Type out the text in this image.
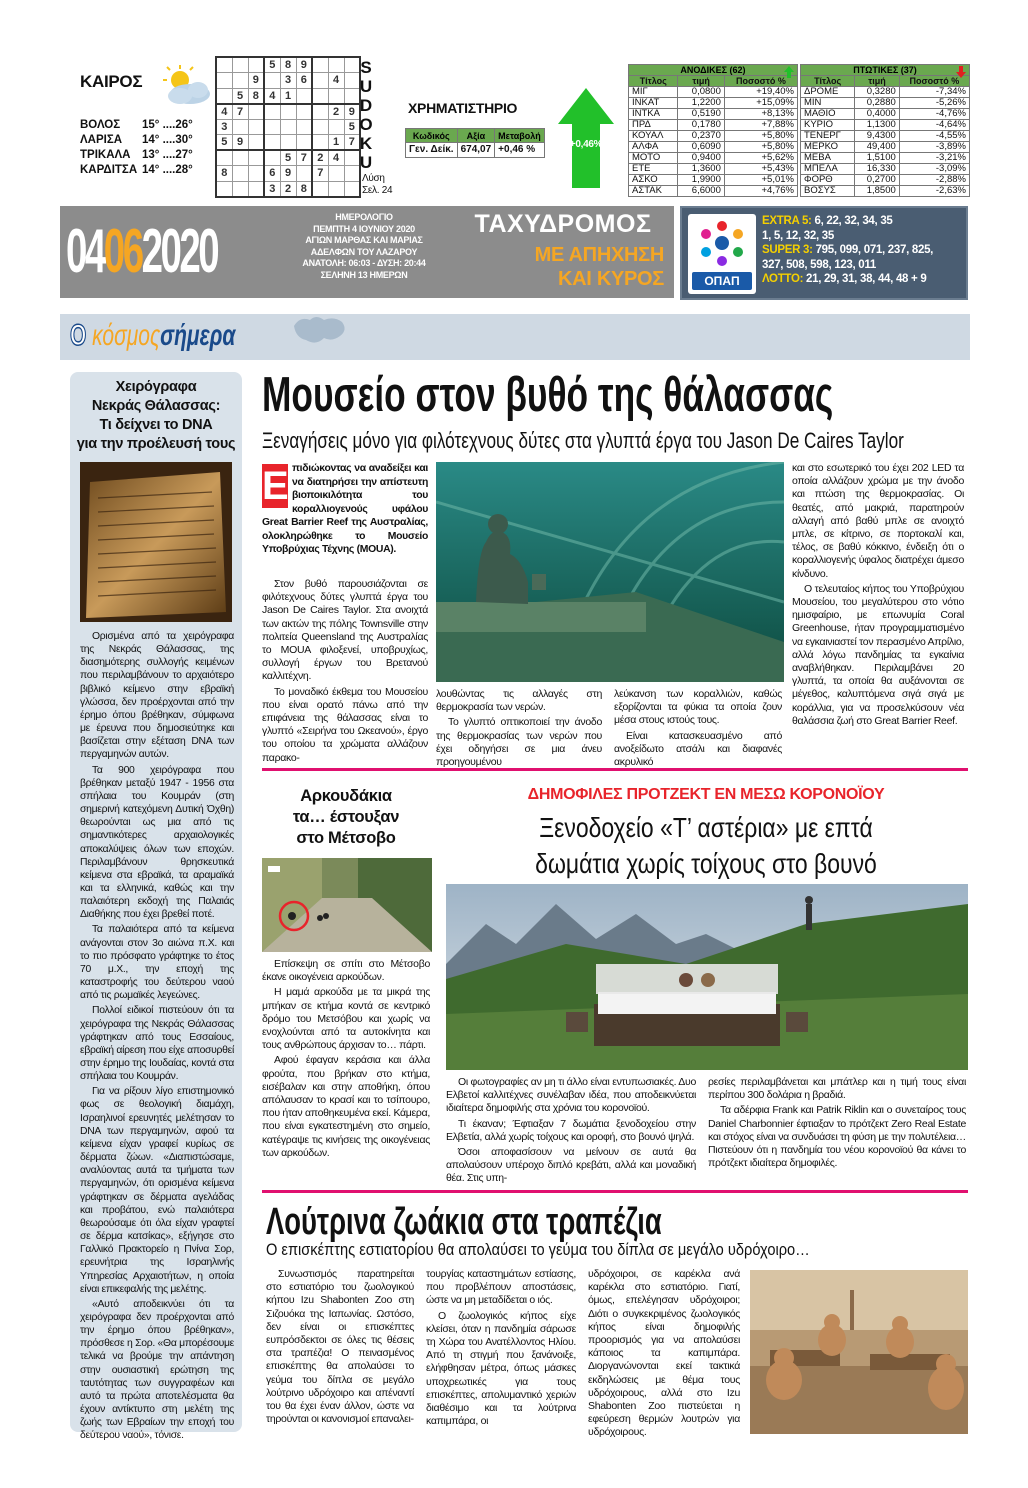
ΚΑΙΡΟΣ
ΒΟΛΟΣ	15° ....26°
ΛΑΡΙΣΑ	14° ....30°
ΤΡΙΚΑΛΑ	13° ....27°
ΚΑΡΔΙΤΣΑ 14° ....28°
			5	8	9			
		9		3	6		4	
	5	8	4	1				
4	7						2	9
3								5
5	9						1	7
				5	7	2	4	
8			6	9		7		
			3	2	8			
S
U
D
O
K
U
Λύση
Σελ. 24
ΧΡΗΜΑΤΙΣΤΗΡΙΟ
Κωδικός	Αξία	Μεταβολή
Γεν. Δείκ.	674,07	+0,46 %	+0,46%
ΑΝΟΔΙΚΕΣ (62)		
Τίτλος	τιμή	Ποσοστό %
ΜΙΓ	0,0800	+19,40%
ΙΝΚΑΤ	1,2200	+15,09%
ΙΝΤΚΑ	0,5190	+8,13%
ΠΡΔ	0,1780	+7,88%
ΚΟΥΑΛ	0,2370	+5,80%
ΑΛΦΑ	0,6090	+5,80%
ΜΟΤΟ	0,9400	+5,62%
ΕΤΕ	1,3600	+5,43%
ΑΣΚΟ	1,9900	+5,01%
ΑΣΤΑΚ	6,6000	+4,76%
ΠΤΩΤΙΚΕΣ (37)		
Τίτλος	τιμή	Ποσοστό %
ΔΡΟΜΕ	0,3280	-7,34%
ΜΙΝ	0,2880	-5,26%
ΜΑΘΙΟ	0,4000	-4,76%
ΚΥΡΙΟ	1,1300	-4,64%
ΤΕΝΕΡΓ	9,4300	-4,55%
ΜΕΡΚΟ	49,400	-3,89%
ΜΕΒΑ	1,5100	-3,21%
ΜΠΕΛΑ	16,330	-3,09%
ΦΟΡΘ	0,2700	-2,88%
ΒΟΣΥΣ	1,8500	-2,63%
04062020	ΗΜΕΡΟΛΟΓΙΟ
ΠΕΜΠΤΗ 4 ΙΟΥΝΙΟΥ 2020
ΑΓΙΩΝ ΜΑΡΘΑΣ ΚΑΙ ΜΑΡΙΑΣ
ΑΔΕΛΦΩΝ ΤΟΥ ΛΑΖΑΡΟΥ
ΑΝΑΤΟΛΗ: 06:03 - ΔΥΣΗ: 20:44
ΣΕΛΗΝΗ 13 ΗΜΕΡΩΝ
ΤΑΧΥΔΡΟΜΟΣ
ΜΕ ΑΠΗΧΗΣΗ
ΚΑΙ ΚΥΡΟΣ	ΟΠΑΠ
EXTRA 5: 6, 22, 32, 34, 35
1, 5, 12, 32, 35
SUPER 3: 795, 099, 071, 237, 825,
327, 508, 598, 123, 011
ΛΟΤΤΟ: 21, 29, 31, 38, 44, 48 + 9
Ο κόσμοςσήμερα
Χειρόγραφα
Νεκράς Θάλασσας:
Τι δείχνει το DNA
για την προέλευσή τους

Ορισμένα από τα χειρόγραφα της Νεκράς Θάλασσας, της διασημότερης συλλογής κειμένων που περιλαμβάνουν το αρχαιότερο βιβλικό κείμενο στην εβραϊκή γλώσσα, δεν προέρχονται από την έρημο όπου βρέθηκαν, σύμφωνα με έρευνα που δημοσιεύτηκε και βασίζεται στην εξέταση DNA των περγαμηνών αυτών.

Τα 900 χειρόγραφα που βρέθηκαν μεταξύ 1947 - 1956 στα σπήλαια του Κουμράν (στη σημερινή κατεχόμενη Δυτική Όχθη) θεωρούνται ως μια από τις σημαντικότερες αρχαιολογικές αποκαλύψεις όλων των εποχών. Περιλαμβάνουν θρησκευτικά κείμενα στα εβραϊκά, τα αραμαϊκά και τα ελληνικά, καθώς και την παλαιότερη εκδοχή της Παλαιάς Διαθήκης που έχει βρεθεί ποτέ.

Τα παλαιότερα από τα κείμενα ανάγονται στον 3ο αιώνα π.Χ. και το πιο πρόσφατο γράφτηκε το έτος 70 μ.Χ., την εποχή της καταστροφής του δεύτερου ναού από τις ρωμαϊκές λεγεώνες.

Πολλοί ειδικοί πιστεύουν ότι τα χειρόγραφα της Νεκράς Θάλασσας γράφτηκαν από τους Εσσαίους, εβραϊκή αίρεση που είχε αποσυρθεί στην έρημο της Ιουδαίας, κοντά στα σπήλαια του Κουμράν.

Για να ρίξουν λίγο επιστημονικό φως σε θεολογική διαμάχη, Ισραηλινοί ερευνητές μελέτησαν το DNA των περγαμηνών, αφού τα κείμενα είχαν γραφεί κυρίως σε δέρματα ζώων. «Διαπιστώσαμε, αναλύοντας αυτά τα τμήματα των περγαμηνών, ότι ορισμένα κείμενα γράφτηκαν σε δέρματα αγελάδας και προβάτου, ενώ παλαιότερα θεωρούσαμε ότι όλα είχαν γραφτεί σε δέρμα κατσίκας», εξήγησε στο Γαλλικό Πρακτορείο η Πνίνα Σορ, ερευνήτρια της Ισραηλινής Υπηρεσίας Αρχαιοτήτων, η οποία είναι επικεφαλής της μελέτης.

«Αυτό αποδεικνύει ότι τα χειρόγραφα δεν προέρχονται από την έρημο όπου βρέθηκαν», πρόσθεσε η Σορ. «Θα μπορέσουμε τελικά να βρούμε την απάντηση στην ουσιαστική ερώτηση της ταυτότητας των συγγραφέων και αυτό τα πρώτα αποτελέσματα θα έχουν αντίκτυπο στη μελέτη της ζωής των Εβραίων την εποχή του δεύτερου ναού», τόνισε.

Μουσείο στον βυθό της θάλασσας
Ξεναγήσεις μόνο για φιλότεχνους δύτες στα γλυπτά έργα του Jason De Caires Taylor
Ε πιδιώκοντας να αναδείξει και να διατηρήσει την απίστευτη βιοποικιλότητα του κοραλλιογενούς υφάλου Great Barrier Reef της Αυστραλίας, ολοκληρώθηκε το Μουσείο Υποβρύχιας Τέχνης (MOUA).

Στον βυθό παρουσιάζονται σε φιλότεχνους δύτες γλυπτά έργα του Jason De Caires Taylor. Στα ανοιχτά των ακτών της πόλης Townsville στην πολιτεία Queensland της Αυστραλίας το MOUA φιλοξενεί, υποβρυχίως, συλλογή έργων του Βρετανού καλλιτέχνη.

Το μοναδικό έκθεμα του Μουσείου που είναι ορατό πάνω από την επιφάνεια της θάλασσας είναι το γλυπτό «Σειρήνα του Ωκεανού», έργο του οποίου τα χρώματα αλλάζουν παρακο-

λουθώντας τις αλλαγές στη θερμοκρασία των νερών.

Το γλυπτό οπτικοποιεί την άνοδο της θερμοκρασίας των νερών που έχει οδηγήσει σε μια άνευ προηγουμένου

λεύκανση των κοραλλιών, καθώς εξορίζονται τα φύκια τα οποία ζουν μέσα στους ιστούς τους.

Είναι κατασκευασμένο από ανοξείδωτο ατσάλι και διαφανές ακρυλικό

και στο εσωτερικό του έχει 202 LED τα οποία αλλάζουν χρώμα με την άνοδο και πτώση της θερμοκρασίας. Οι θεατές, από μακριά, παρατηρούν αλλαγή από βαθύ μπλε σε ανοιχτό μπλε, σε κίτρινο, σε πορτοκαλί και, τέλος, σε βαθύ κόκκινο, ένδειξη ότι ο κοραλλιογενής ύφαλος διατρέχει άμεσο κίνδυνο.

Ο τελευταίος κήπος του Υποβρύχιου Μουσείου, του μεγαλύτερου στο νότιο ημισφαίριο, με επωνυμία Coral Greenhouse, ήταν προγραμματισμένο να εγκαινιαστεί τον περασμένο Απρίλιο, αλλά λόγω πανδημίας τα εγκαίνια αναβλήθηκαν. Περιλαμβάνει 20 γλυπτά, τα οποία θα αυξάνονται σε μέγεθος, καλυπτόμενα σιγά σιγά με κοράλλια, για να προσελκύσουν νέα θαλάσσια ζωή στο Great Barrier Reef.

Αρκουδάκια
τα… έστουξαν
στο Μέτσοβο

Επίσκεψη σε σπίτι στο Μέτσοβο έκανε οικογένεια αρκούδων.

Η μαμά αρκούδα με τα μικρά της μπήκαν σε κτήμα κοντά σε κεντρικό δρόμο του Μετσόβου και χωρίς να ενοχλούνται από τα αυτοκίνητα και τους ανθρώπους άρχισαν το… πάρτι.

Αφού έφαγαν κεράσια και άλλα φρούτα, που βρήκαν στο κτήμα, εισέβαλαν και στην αποθήκη, όπου απόλαυσαν το κρασί και το τσίπουρο, που ήταν αποθηκευμένα εκεί. Κάμερα, που είναι εγκατεστημένη στο σημείο, κατέγραψε τις κινήσεις της οικογένειας των αρκούδων.

ΔΗΜΟΦΙΛΕΣ ΠΡΟΤΖΕΚΤ ΕΝ ΜΕΣΩ ΚΟΡΟΝΟΪΟΥ
Ξενοδοχείο «Τ’ αστέρια» με επτά
δωμάτια χωρίς τοίχους στο βουνό

Οι φωτογραφίες αν μη τι άλλο είναι εντυπωσιακές. Δυο Ελβετοί καλλιτέχνες συνέλαβαν ιδέα, που αποδεικνύεται ιδιαίτερα δημοφιλής στα χρόνια του κορονοϊού.

Τι έκαναν; Έφτιαξαν 7 δωμάτια ξενοδοχείου στην Ελβετία, αλλά χωρίς τοίχους και οροφή, στο βουνό ψηλά.

Όσοι αποφασίσουν να μείνουν σε αυτά θα απολαύσουν υπέροχο διπλό κρεβάτι, αλλά και μοναδική θέα. Στις υπη-

ρεσίες περιλαμβάνεται και μπάτλερ και η τιμή τους είναι περίπου 300 δολάρια η βραδιά.

Τα αδέρφια Frank και Patrik Riklin και ο συνεταίρος τους Daniel Charbonnier έφτιαξαν το πρότζεκτ Zero Real Estate και στόχος είναι να συνδυάσει τη φύση με την πολυτέλεια… Πιστεύουν ότι η πανδημία του νέου κορονοϊού θα κάνει το πρότζεκτ ιδιαίτερα δημοφιλές.

Λούτρινα ζωάκια στα τραπέζια
Ο επισκέπτης εστιατορίου θα απολαύσει το γεύμα του δίπλα σε μεγάλο υδρόχοιρο…

Συνωστισμός παρατηρείται στο εστιατόριο του ζωολογικού κήπου Izu Shabonten Zoo στη Σιζουόκα της Ιαπωνίας. Ωστόσο, δεν είναι οι επισκέπτες ευπρόσδεκτοι σε όλες τις θέσεις στα τραπέζια! Ο πεινασμένος επισκέπτης θα απολαύσει το γεύμα του δίπλα σε μεγάλο λούτρινο υδρόχοιρο και απέναντί του θα έχει έναν άλλον, ώστε να τηρούνται οι κανονισμοί επαναλει-

τουργίας καταστημάτων εστίασης, που προβλέπουν αποστάσεις, ώστε να μη μεταδίδεται ο ιός.

Ο ζωολογικός κήπος είχε κλείσει, όταν η πανδημία σάρωσε τη Χώρα του Ανατέλλοντος Ηλίου. Από τη στιγμή που ξανάνοιξε, ελήφθησαν μέτρα, όπως μάσκες υποχρεωτικές για τους επισκέπτες, απολυμαντικό χεριών διαθέσιμο και τα λούτρινα καπιμπάρα, οι

υδρόχοιροι, σε καρέκλα ανά καρέκλα στο εστιατόριο. Γιατί, όμως, επελέγησαν υδρόχοιροι; Διότι ο συγκεκριμένος ζωολογικός κήπος είναι δημοφιλής προορισμός για να απολαύσει κάποιος τα καπιμπάρα. Διοργανώνονται εκεί τακτικά εκδηλώσεις με θέμα τους υδρόχοιρους, αλλά στο Izu Shabonten Zoo πιστεύεται η εφεύρεση θερμών λουτρών για υδρόχοιρους.
